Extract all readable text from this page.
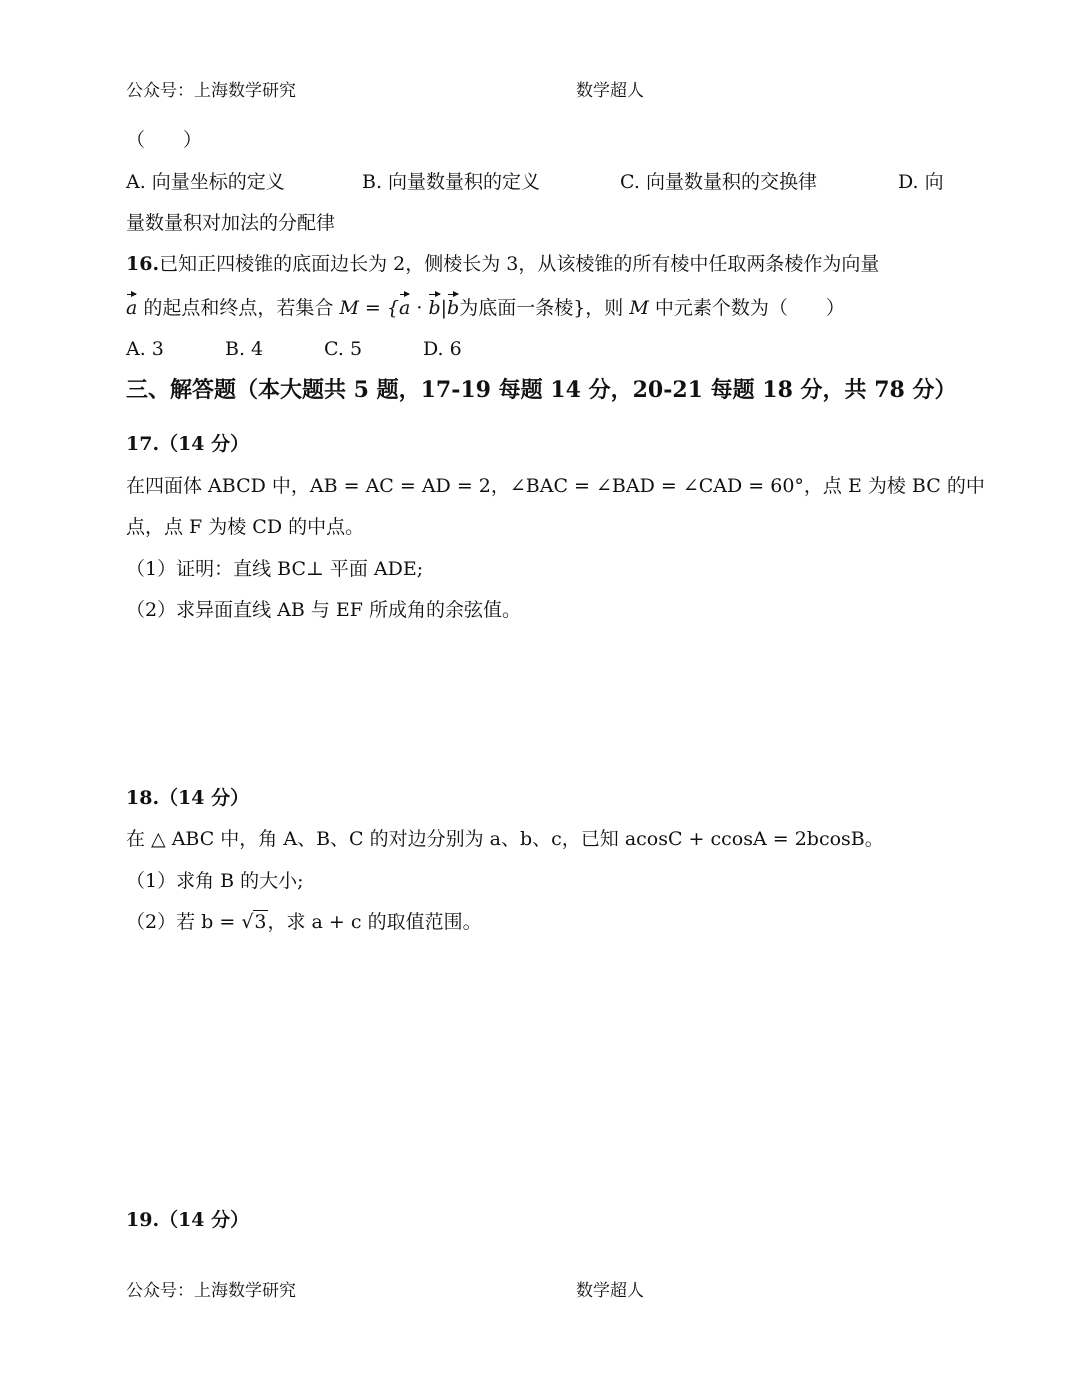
公众号：上海数学研究	数学超人
（　　）
A. 向量坐标的定义	B. 向量数量积的定义	C. 向量数量积的交换律	D. 向
量数量积对加法的分配律
16.已知正四棱锥的底面边长为 2，侧棱长为 3，从该棱锥的所有棱中任取两条棱作为向量
a 的起点和终点，若集合 M = {a · b|b为底面一条棱}，则 M 中元素个数为（　　）
A. 3	B. 4	C. 5	D. 6
三、解答题（本大题共 5 题，17-19 每题 14 分，20-21 每题 18 分，共 78 分）
17.（14 分）
在四面体 ABCD 中，AB = AC = AD = 2，∠BAC = ∠BAD = ∠CAD = 60°，点 E 为棱 BC 的中
点，点 F 为棱 CD 的中点。
（1）证明：直线 BC⊥ 平面 ADE;
（2）求异面直线 AB 与 EF 所成角的余弦值。
18.（14 分）
在 △ ABC 中，角 A、B、C 的对边分别为 a、b、c，已知 acosC + ccosA = 2bcosB。
（1）求角 B 的大小;
（2）若 b = √3，求 a + c 的取值范围。
19.（14 分）
公众号：上海数学研究	数学超人
